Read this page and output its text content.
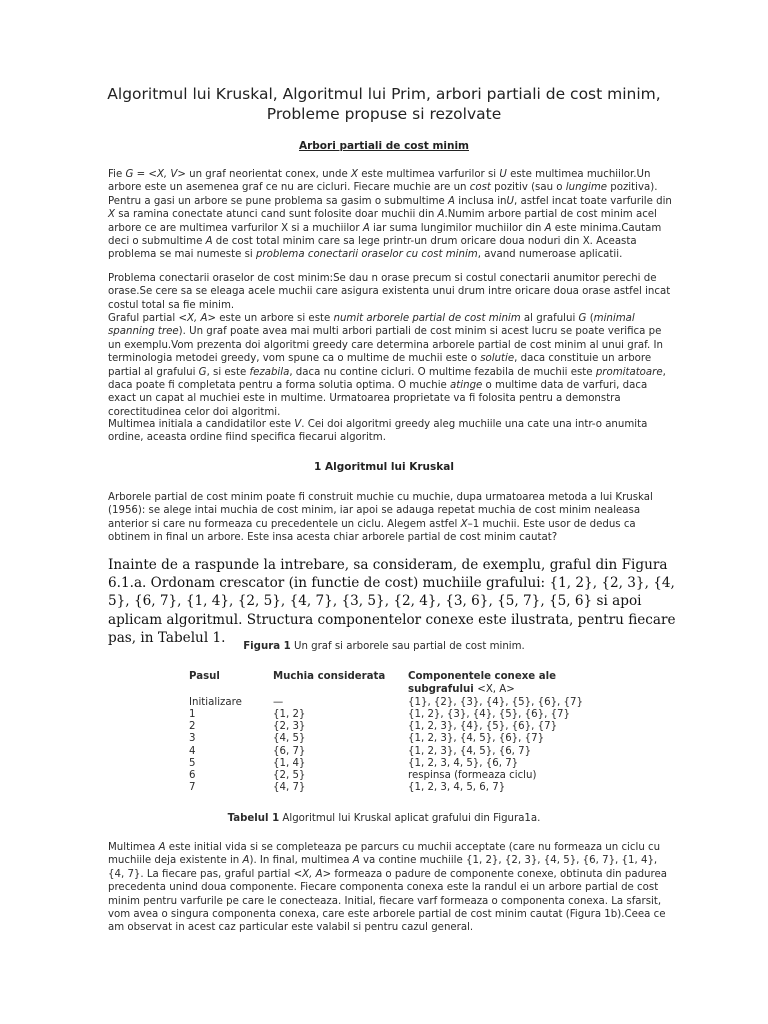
Algoritmul lui Kruskal, Algoritmul lui Prim, arbori partiali de cost minim, Probleme propuse si rezolvate
Arbori partiali de cost minim
Fie G = <X, V> un graf neorientat conex, unde X este multimea varfurilor si U este multimea muchiilor.Un arbore este un asemenea graf ce nu are cicluri. Fiecare muchie are un cost pozitiv (sau o lungime pozitiva). Pentru a gasi un arbore se pune problema sa gasim o submultime A inclusa inU, astfel incat toate varfurile din X sa ramina conectate atunci cand sunt folosite doar muchii din A.Numim arbore partial de cost minim acel arbore ce are multimea varfurilor X si a muchiilor A iar suma lungimilor muchiilor din A este minima.Cautam deci o submultime A de cost total minim care sa lege printr-un drum oricare doua noduri din X. Aceasta problema se mai numeste si problema conectarii oraselor cu cost minim, avand numeroase aplicatii.
Problema conectarii oraselor de cost minim:Se dau n orase precum si costul conectarii anumitor perechi de orase.Se cere sa se eleaga acele muchii care asigura existenta unui drum intre oricare doua orase astfel incat costul total sa fie minim.
Graful partial <X, A> este un arbore si este numit arborele partial de cost minim al grafului G (minimal spanning tree). Un graf poate avea mai multi arbori partiali de cost minim si acest lucru se poate verifica pe un exemplu.Vom prezenta doi algoritmi greedy care determina arborele partial de cost minim al unui graf. In terminologia metodei greedy, vom spune ca o multime de muchii este o solutie, daca constituie un arbore partial al grafului G, si este fezabila, daca nu contine cicluri. O multime fezabila de muchii este promitatoare, daca poate fi completata pentru a forma solutia optima. O muchie atinge o multime data de varfuri, daca exact un capat al muchiei este in multime. Urmatoarea proprietate va fi folosita pentru a demonstra corectitudinea celor doi algoritmi.
Multimea initiala a candidatilor este V. Cei doi algoritmi greedy aleg muchiile una cate una intr-o anumita ordine, aceasta ordine fiind specifica fiecarui algoritm.
1 Algoritmul lui Kruskal
Arborele partial de cost minim poate fi construit muchie cu muchie, dupa urmatoarea metoda a lui Kruskal (1956): se alege intai muchia de cost minim, iar apoi se adauga repetat muchia de cost minim nealeasa anterior si care nu formeaza cu precedentele un ciclu. Alegem astfel X–1 muchii. Este usor de dedus ca obtinem in final un arbore. Este insa acesta chiar arborele partial de cost minim cautat?
Inainte de a raspunde la intrebare, sa consideram, de exemplu, graful din Figura 6.1.a. Ordonam crescator (in functie de cost) muchiile grafului: {1, 2}, {2, 3}, {4, 5}, {6, 7}, {1, 4}, {2, 5}, {4, 7}, {3, 5}, {2, 4}, {3, 6}, {5, 7}, {5, 6} si apoi aplicam algoritmul. Structura componentelor conexe este ilustrata, pentru fiecare pas, in Tabelul 1.
Figura 1 Un graf si arborele sau partial de cost minim.
Pasul	Muchia considerata	Componentele conexe ale subgrafului <X, A>
Initializare	—	{1}, {2}, {3}, {4}, {5}, {6}, {7}
1	{1, 2}	{1, 2}, {3}, {4}, {5}, {6}, {7}
2	{2, 3}	{1, 2, 3}, {4}, {5}, {6}, {7}
3	{4, 5}	{1, 2, 3}, {4, 5}, {6}, {7}
4	{6, 7}	{1, 2, 3}, {4, 5}, {6, 7}
5	{1, 4}	{1, 2, 3, 4, 5}, {6, 7}
6	{2, 5}	respinsa (formeaza ciclu)
7	{4, 7}	{1, 2, 3, 4, 5, 6, 7}
Tabelul 1 Algoritmul lui Kruskal aplicat grafului din Figura1a.
Multimea A este initial vida si se completeaza pe parcurs cu muchii acceptate (care nu formeaza un ciclu cu muchiile deja existente in A). In final, multimea A va contine muchiile {1, 2}, {2, 3}, {4, 5}, {6, 7}, {1, 4}, {4, 7}. La fiecare pas, graful partial <X, A> formeaza o padure de componente conexe, obtinuta din padurea precedenta unind doua componente. Fiecare componenta conexa este la randul ei un arbore partial de cost minim pentru varfurile pe care le conecteaza. Initial, fiecare varf formeaza o componenta conexa. La sfarsit, vom avea o singura componenta conexa, care este arborele partial de cost minim cautat (Figura 1b).Ceea ce am observat in acest caz particular este valabil si pentru cazul general.
